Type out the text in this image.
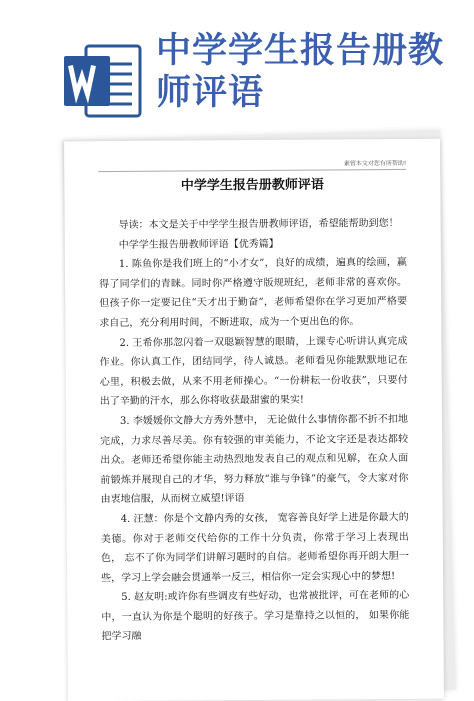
中学学生报告册教师评语
素管本文对您有所帮助!
中学学生报告册教师评语

导读：本文是关于中学学生报告册教师评语，希望能帮助到您！

中学学生报告册教师评语【优秀篇】

1. 陈鱼你是我们班上的“小才女”，良好的成绩，遍真的绘画，赢得了同学们的青睐。同时你严格遵守版规班纪，老师非常的喜欢你。但孩子你一定要记住“天才出于勤奋”，老师希望你在学习更加严格要求自己，充分利用时间，不断进取，成为一个更出色的你。

2. 王希你那忽闪着一双聪颖智慧的眼睛，上课专心听讲认真完成作业。你认真工作，团结同学，待人诚恳。老师看见你能默默地记在心里，积极去做，从来不用老师操心。“一份耕耘一份收获”，只要付出了辛勤的汗水，那么你将收获最甜蜜的果实!

3. 李媛媛你文静大方秀外慧中， 无论做什么事情你都不折不扣地完成，力求尽善尽美。你有较强的审美能力，不论文字还是表达都较出众。老师还希望你能主动热烈地发表自己的观点和见解，在众人面前锻炼并展现自己的才华，努力释放“谁与争锋”的豪气，令大家对你由衷地信服，从而树立威望!评语

4. 汪慧：你是个文静内秀的女孩， 宽容善良好学上进是你最大的美德。你对于老师交代给你的工作十分负责，你常于学习上表现出色， 忘不了你为同学们讲解习题时的自信。老师希望你再开朗大胆一些，学习上学会融会贯通举一反三，相信你一定会实现心中的梦想!

5. 赵友明:或许你有些调皮有些好动，也常被批评，可在老师的心中，一直认为你是个聪明的好孩子。学习是靠持之以恒的， 如果你能把学习融
